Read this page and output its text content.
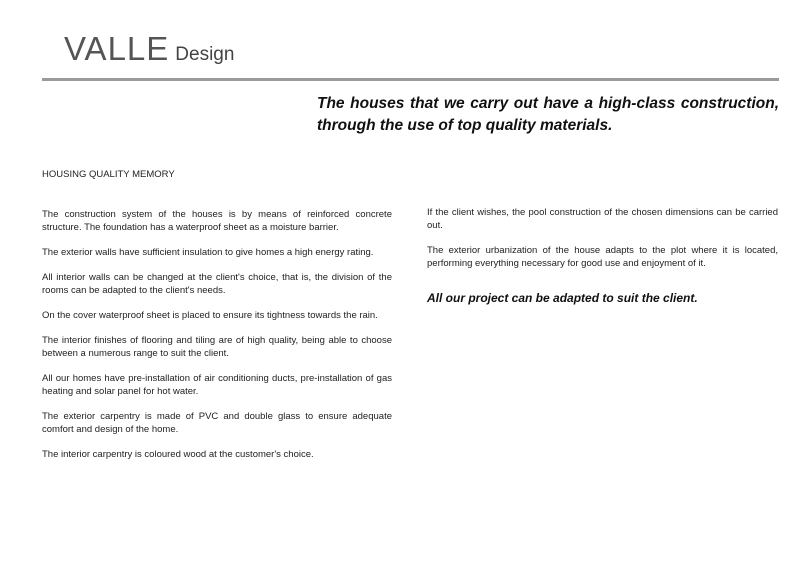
VALLE Design
The houses that we carry out have a high-class construction, through the use of top quality materials.
HOUSING QUALITY MEMORY

The construction system of the houses is by means of reinforced concrete structure. The foundation has a waterproof sheet as a moisture barrier.

The exterior walls have sufficient insulation to give homes a high energy rating.

All interior walls can be changed at the client's choice, that is, the division of the rooms can be adapted to the client's needs.

On the cover waterproof sheet is placed to ensure its tightness towards the rain.

The interior finishes of flooring and tiling are of high quality, being able to choose between a numerous range to suit the client.

All our homes have pre-installation of air conditioning ducts, pre-installation of gas heating and solar panel for hot water.

The exterior carpentry is made of PVC and double glass to ensure adequate comfort and design of the home.

The interior carpentry is coloured wood at the customer's choice.

If the client wishes, the pool construction of the chosen dimensions can be carried out.

The exterior urbanization of the house adapts to the plot where it is located, performing everything necessary for good use and enjoyment of it.

All our project can be adapted to suit the client.
